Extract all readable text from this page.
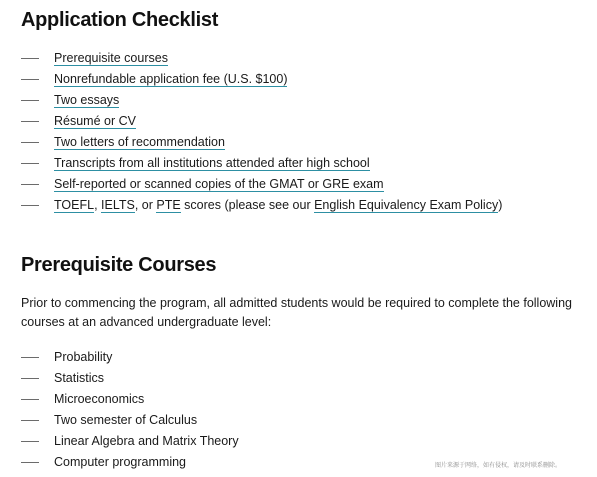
Application Checklist
Prerequisite courses
Nonrefundable application fee (U.S. $100)
Two essays
Résumé or CV
Two letters of recommendation
Transcripts from all institutions attended after high school
Self-reported or scanned copies of the GMAT or GRE exam
TOEFL , IELTS , or PTE scores (please see our English Equivalency Exam Policy )
Prerequisite Courses

Prior to commencing the program, all admitted students would be required to complete the following courses at an advanced undergraduate level:

Probability
Statistics
Microeconomics
Two semester of Calculus
Linear Algebra and Matrix Theory
Computer programming	图片来源于网络，如有侵权，请及时联系删除。
